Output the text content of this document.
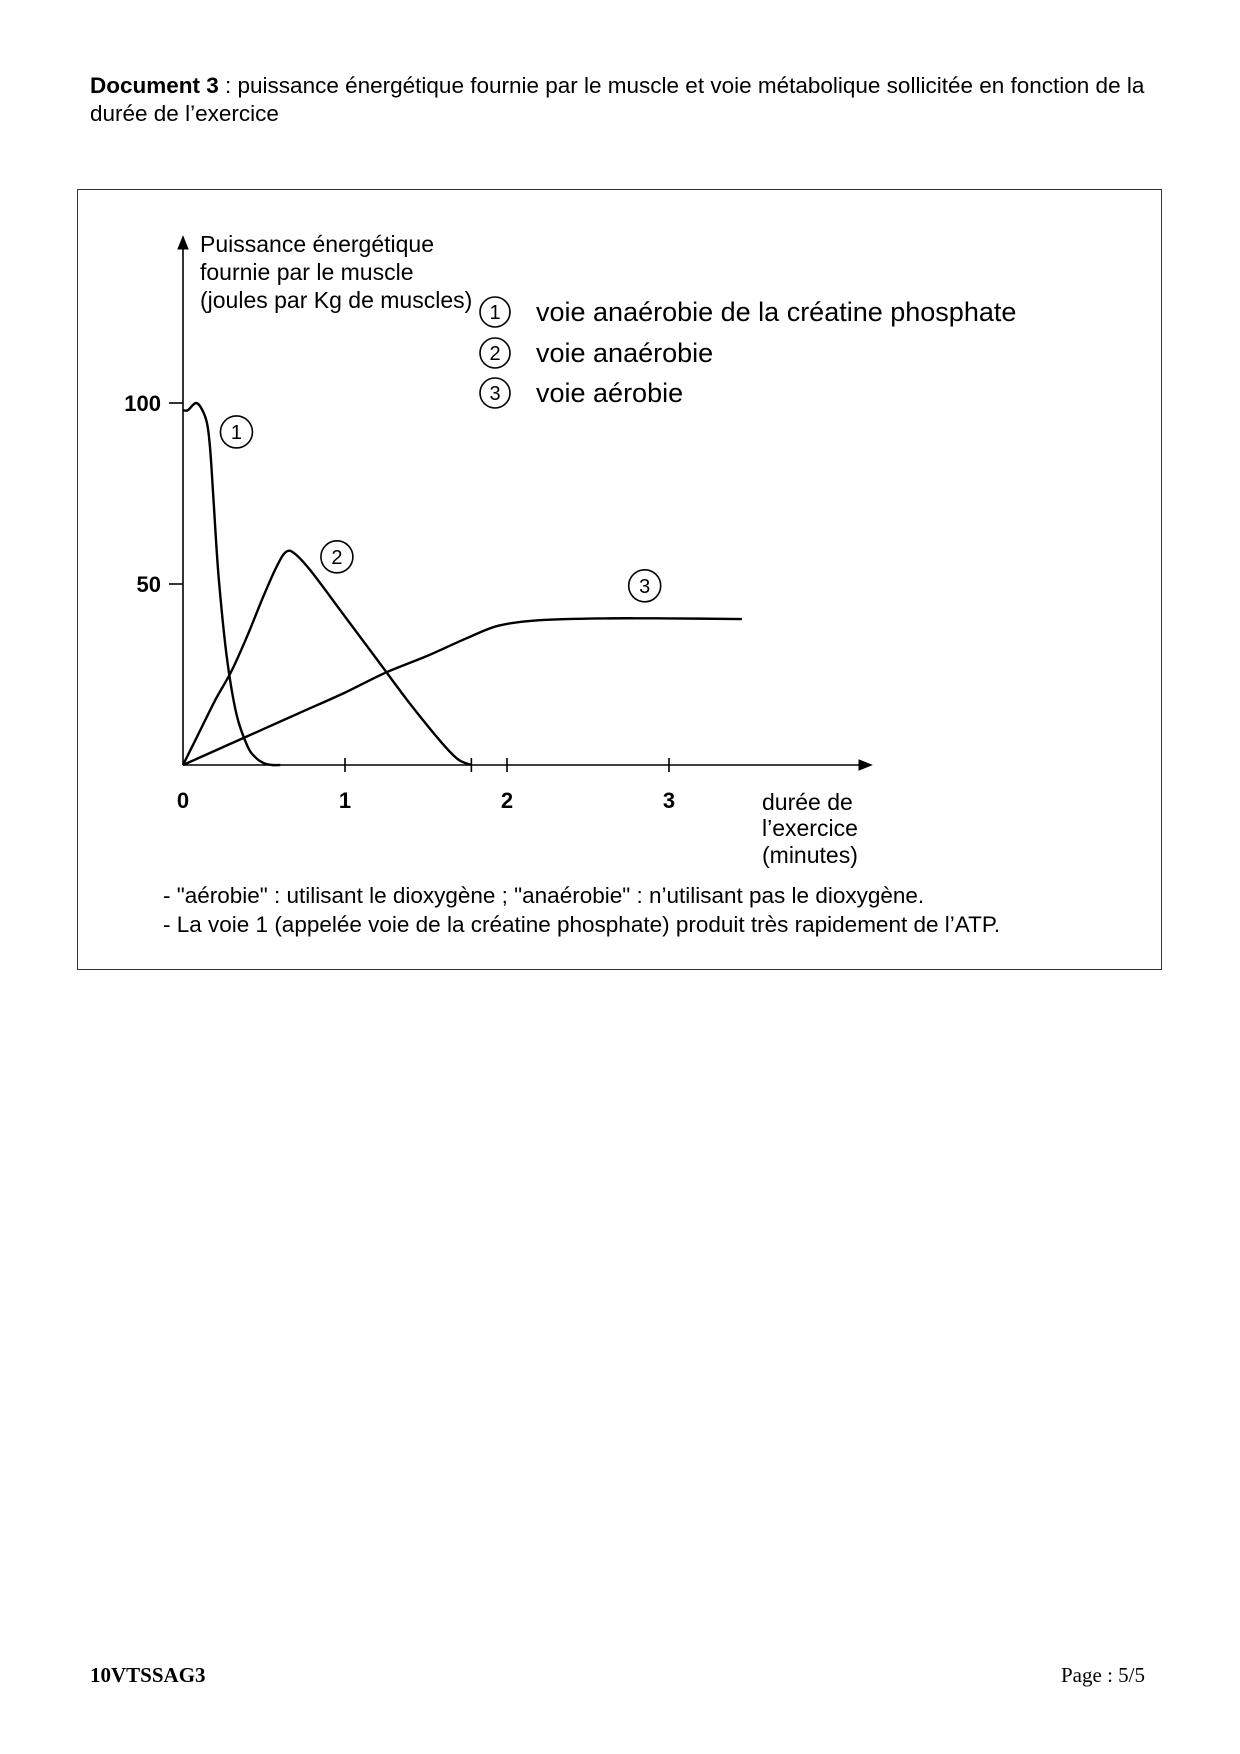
Document 3 : puissance énergétique fournie par le muscle et voie métabolique sollicitée en fonction de la durée de l’exercice
0	1	2	3
50
100
1
2
3
1 voie anaérobie de la créatine phosphate
2 voie anaérobie
3 voie aérobie
Puissance énergétique
fournie par le muscle
(joules par Kg de muscles)
durée de
l’exercice
(minutes)
- "aérobie" : utilisant le dioxygène ; "anaérobie" : n’utilisant pas le dioxygène.
- La voie 1 (appelée voie de la créatine phosphate) produit très rapidement de l’ATP.
10VTSSAG3	Page : 5/5
